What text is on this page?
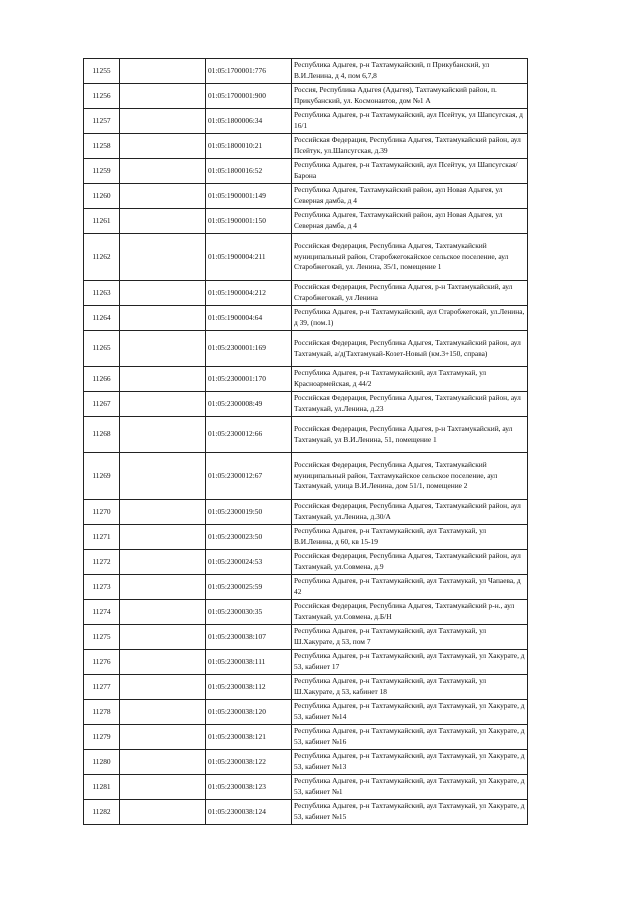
11255		01:05:1700001:776	Республика Адыгея, р-н Тахтамукайский, п Прикубанский, ул В.И.Ленина, д 4, пом 6,7,8
11256		01:05:1700001:900	Россия, Республика Адыгея (Адыгея), Тахтамукайский район, п. Прикубанский, ул. Космонавтов, дом №1 А
11257		01:05:1800006:34	Республика Адыгея, р-н Тахтамукайский, аул Псейтук, ул Шапсугская, д 16/1
11258		01:05:1800010:21	Российская Федерация, Республика Адыгея, Тахтамукайский район, аул Псейтук, ул.Шапсугская, д.39
11259		01:05:1800016:52	Республика Адыгея, р-н Тахтамукайский, аул Псейтук, ул Шапсугская/Барона
11260		01:05:1900001:149	Республика Адыгея, Тахтамукайский район, аул Новая Адыгея, ул Северная дамба, д 4
11261		01:05:1900001:150	Республика Адыгея, Тахтамукайский район, аул Новая Адыгея, ул Северная дамба, д 4
11262		01:05:1900004:211	Российская Федерация, Республика Адыгея, Тахтамукайский муниципальный район, Старобжегокайское сельское поселение, аул Старобжегокай, ул. Ленина, 35/1, помещение 1
11263		01:05:1900004:212	Российская Федерация, Республика Адыгея, р-н Тахтамукайский, аул Старобжегокай, ул Ленина
11264		01:05:1900004:64	Республика Адыгея, р-н Тахтамукайский, аул Старобжегокай, ул.Ленина, д 39, (пом.1)
11265		01:05:2300001:169	Российская Федерация, Республика Адыгея, Тахтамукайский район, аул Тахтамукай, а/д(Тахтамукай-Козет-Новый (км.3+150, справа)
11266		01:05:2300001:170	Республика Адыгея, р-н Тахтамукайский, аул Тахтамукай, ул Красноармейская, д 44/2
11267		01:05:2300008:49	Российская Федерация, Республика Адыгея, Тахтамукайский район, аул Тахтамукай, ул.Ленина, д.23
11268		01:05:2300012:66	Российская Федерация, Республика Адыгея, р-н Тахтамукайский, аул Тахтамукай, ул В.И.Ленина, 51, помещение 1
11269		01:05:2300012:67	Российская Федерация, Республика Адыгея, Тахтамукайский муниципальный район, Тахтамукайское сельское поселение, аул Тахтамукай, улица В.И.Ленина, дом 51/1, помещение 2
11270		01:05:2300019:50	Российская Федерация, Республика Адыгея, Тахтамукайский район, аул Тахтамукай, ул.Ленина, д.30/А
11271		01:05:2300023:50	Республика Адыгея, р-н Тахтамукайский, аул Тахтамукай, ул В.И.Ленина, д 60, кв 15-19
11272		01:05:2300024:53	Российская Федерация, Республика Адыгея, Тахтамукайский район, аул Тахтамукай, ул.Совмена, д.9
11273		01:05:2300025:59	Республика Адыгея, р-н Тахтамукайский, аул Тахтамукай, ул Чапаева, д 42
11274		01:05:2300030:35	Российская Федерация, Республика Адыгея, Тахтамукайский р-н., аул Тахтамукай, ул.Совмена, д.Б/Н
11275		01:05:2300038:107	Республика Адыгея, р-н Тахтамукайский, аул Тахтамукай, ул Ш.Хакурате, д 53, пом 7
11276		01:05:2300038:111	Республика Адыгея, р-н Тахтамукайский, аул Тахтамукай, ул Хакурате, д 53, кабинет 17
11277		01:05:2300038:112	Республика Адыгея, р-н Тахтамукайский, аул Тахтамукай, ул Ш.Хакурате, д 53, кабинет 18
11278		01:05:2300038:120	Республика Адыгея, р-н Тахтамукайский, аул Тахтамукай, ул Хакурате, д 53, кабинет №14
11279		01:05:2300038:121	Республика Адыгея, р-н Тахтамукайский, аул Тахтамукай, ул Хакурате, д 53, кабинет №16
11280		01:05:2300038:122	Республика Адыгея, р-н Тахтамукайский, аул Тахтамукай, ул Хакурате, д 53, кабинет №13
11281		01:05:2300038:123	Республика Адыгея, р-н Тахтамукайский, аул Тахтамукай, ул Хакурате, д 53, кабинет №1
11282		01:05:2300038:124	Республика Адыгея, р-н Тахтамукайский, аул Тахтамукай, ул Хакурате, д 53, кабинет №15
